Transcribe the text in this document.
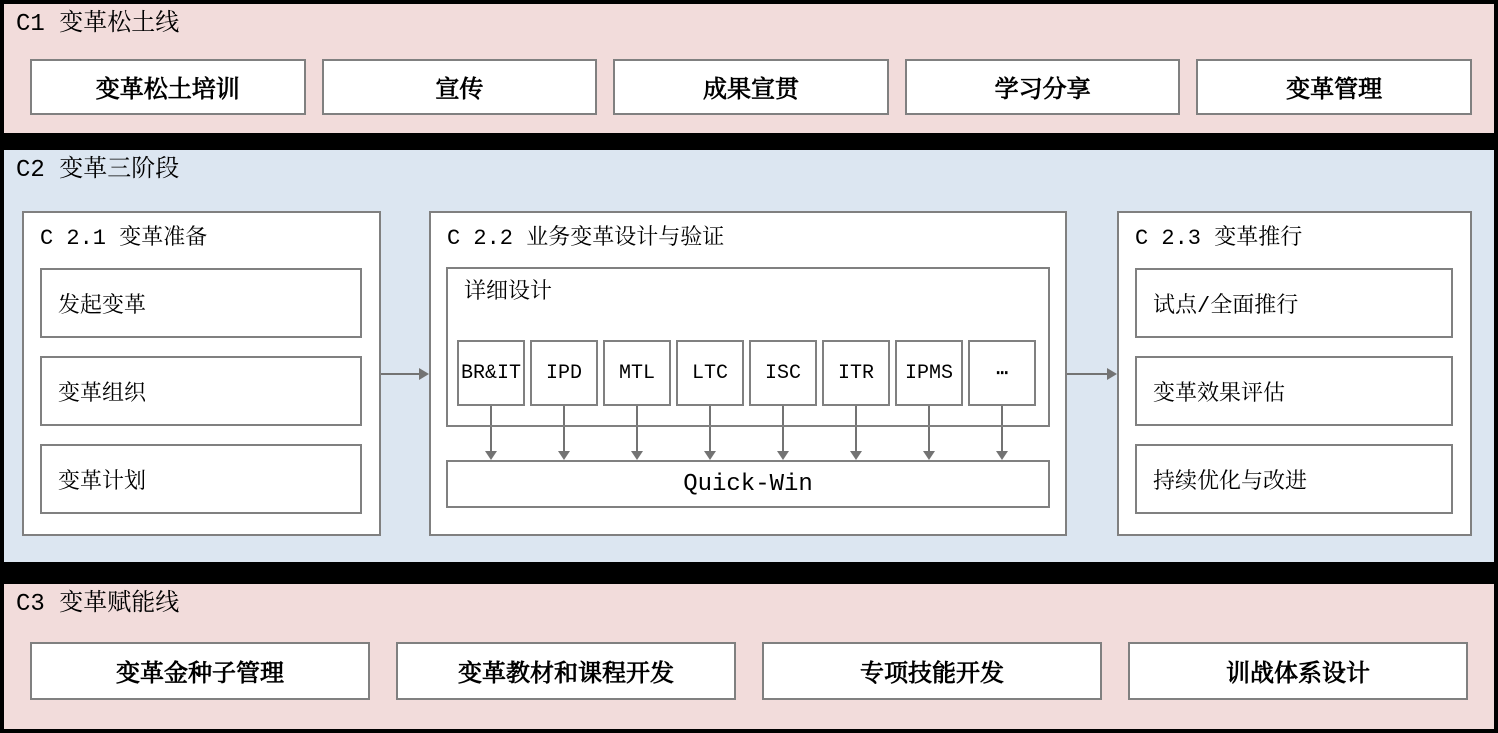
C1 变革松土线
变革松土培训	宣传	成果宣贯	学习分享	变革管理
C2 变革三阶段
C 2.1 变革准备
发起变革
变革组织
变革计划
C 2.2 业务变革设计与验证
详细设计
BR&IT	IPD	MTL	LTC	ISC	ITR	IPMS	⋯
Quick-Win
C 2.3 变革推行
试点/全面推行
变革效果评估
持续优化与改进
C3 变革赋能线
变革金种子管理	变革教材和课程开发	专项技能开发	训战体系设计
